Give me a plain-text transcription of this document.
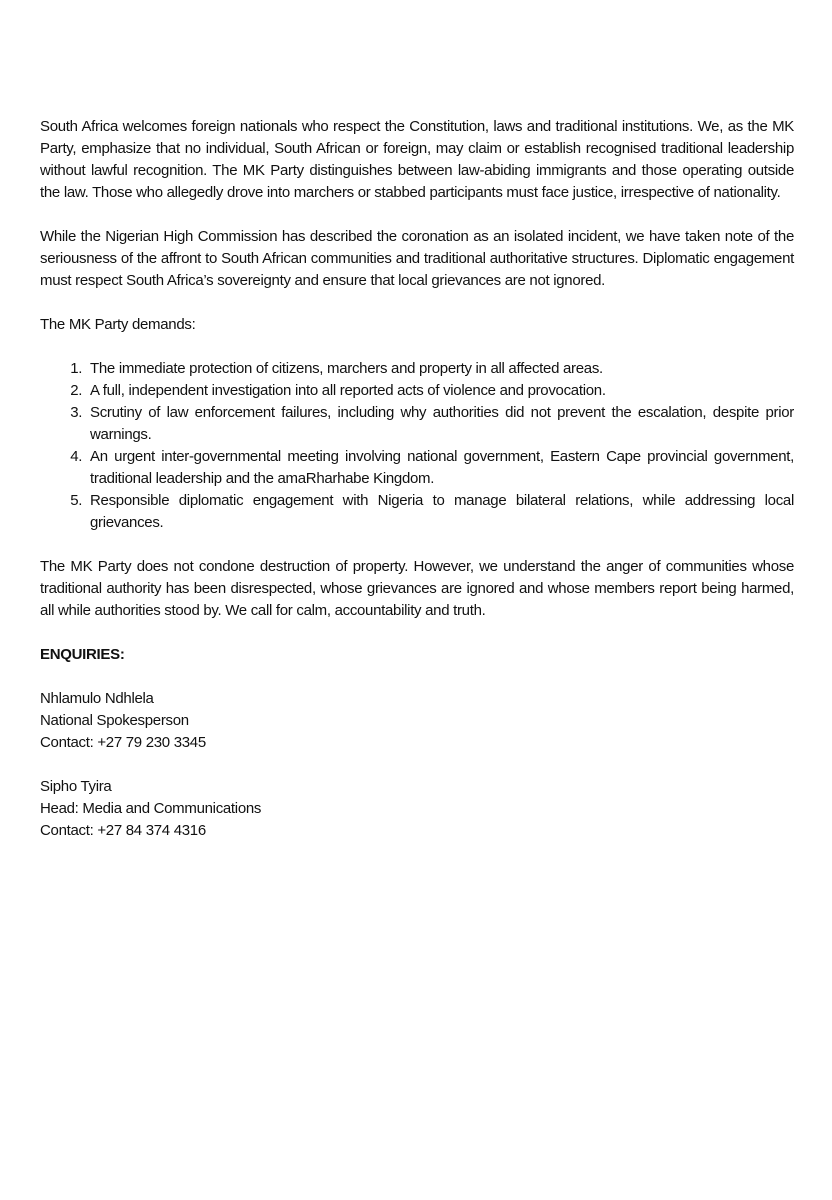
South Africa welcomes foreign nationals who respect the Constitution, laws and traditional institutions. We, as the MK Party, emphasize that no individual, South African or foreign, may claim or establish recognised traditional leadership without lawful recognition. The MK Party distinguishes between law-abiding immigrants and those operating outside the law. Those who allegedly drove into marchers or stabbed participants must face justice, irrespective of nationality.

While the Nigerian High Commission has described the coronation as an isolated incident, we have taken note of the seriousness of the affront to South African communities and traditional authoritative structures. Diplomatic engagement must respect South Africa’s sovereignty and ensure that local grievances are not ignored.

The MK Party demands:

1. The immediate protection of citizens, marchers and property in all affected areas.
2. A full, independent investigation into all reported acts of violence and provocation.
3. Scrutiny of law enforcement failures, including why authorities did not prevent the escalation, despite prior warnings.
4. An urgent inter-governmental meeting involving national government, Eastern Cape provincial government, traditional leadership and the amaRharhabe Kingdom.
5. Responsible diplomatic engagement with Nigeria to manage bilateral relations, while addressing local grievances.

The MK Party does not condone destruction of property. However, we understand the anger of communities whose traditional authority has been disrespected, whose grievances are ignored and whose members report being harmed, all while authorities stood by. We call for calm, accountability and truth.

ENQUIRIES:

Nhlamulo Ndhlela
National Spokesperson
Contact: +27 79 230 3345
Sipho Tyira
Head: Media and Communications
Contact: +27 84 374 4316
